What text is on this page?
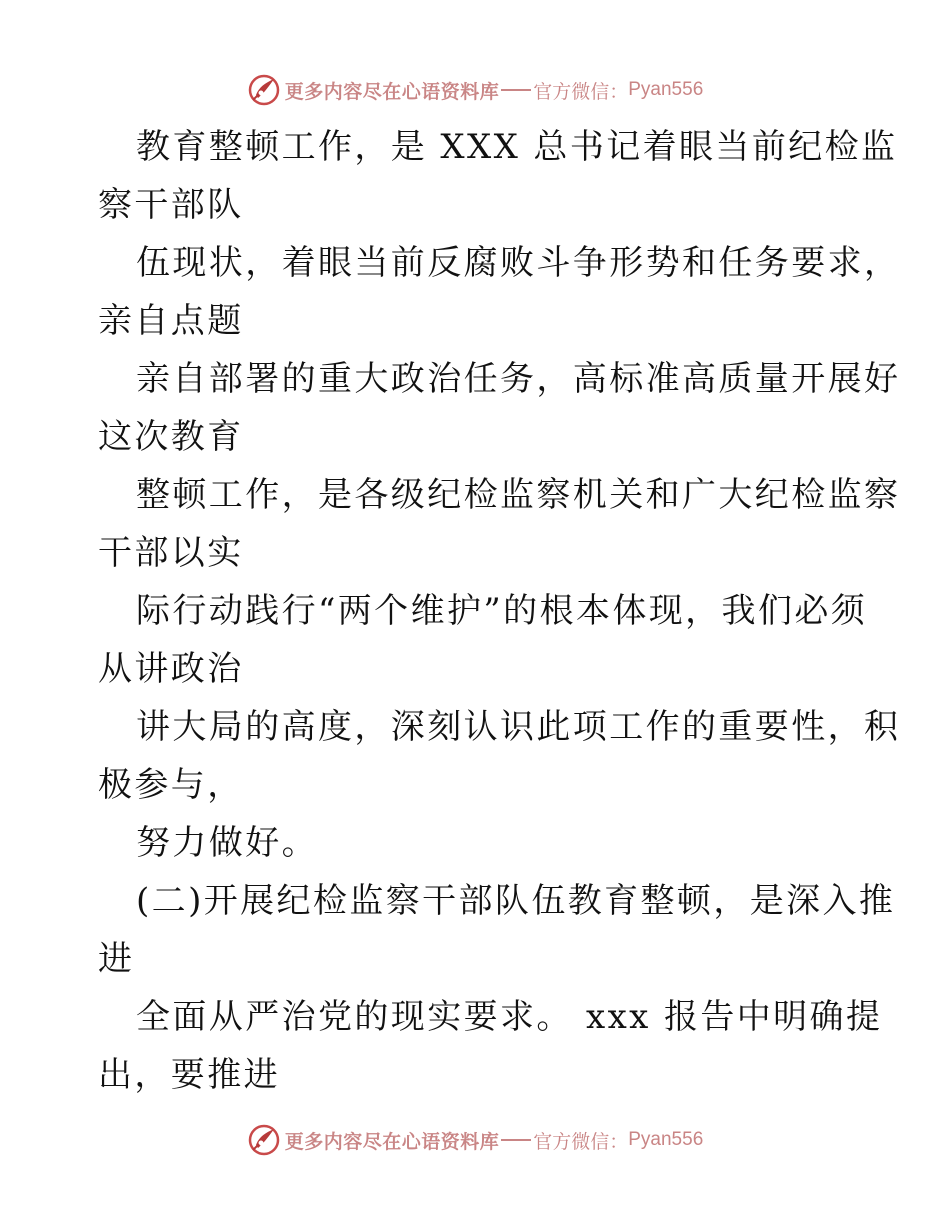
更多内容尽在心语资料库 官方微信： Pyan556
教育整顿工作，是 XXX 总书记着眼当前纪检监
察干部队
伍现状，着眼当前反腐败斗争形势和任务要求，
亲自点题
亲自部署的重大政治任务，高标准高质量开展好
这次教育
整顿工作，是各级纪检监察机关和广大纪检监察
干部以实
际行动践行“两个维护”的根本体现，我们必须
从讲政治
讲大局的高度，深刻认识此项工作的重要性，积
极参与，
努力做好。
(二)开展纪检监察干部队伍教育整顿，是深入推
进
全面从严治党的现实要求。 xxx 报告中明确提
出，要推进
更多内容尽在心语资料库 官方微信： Pyan556
